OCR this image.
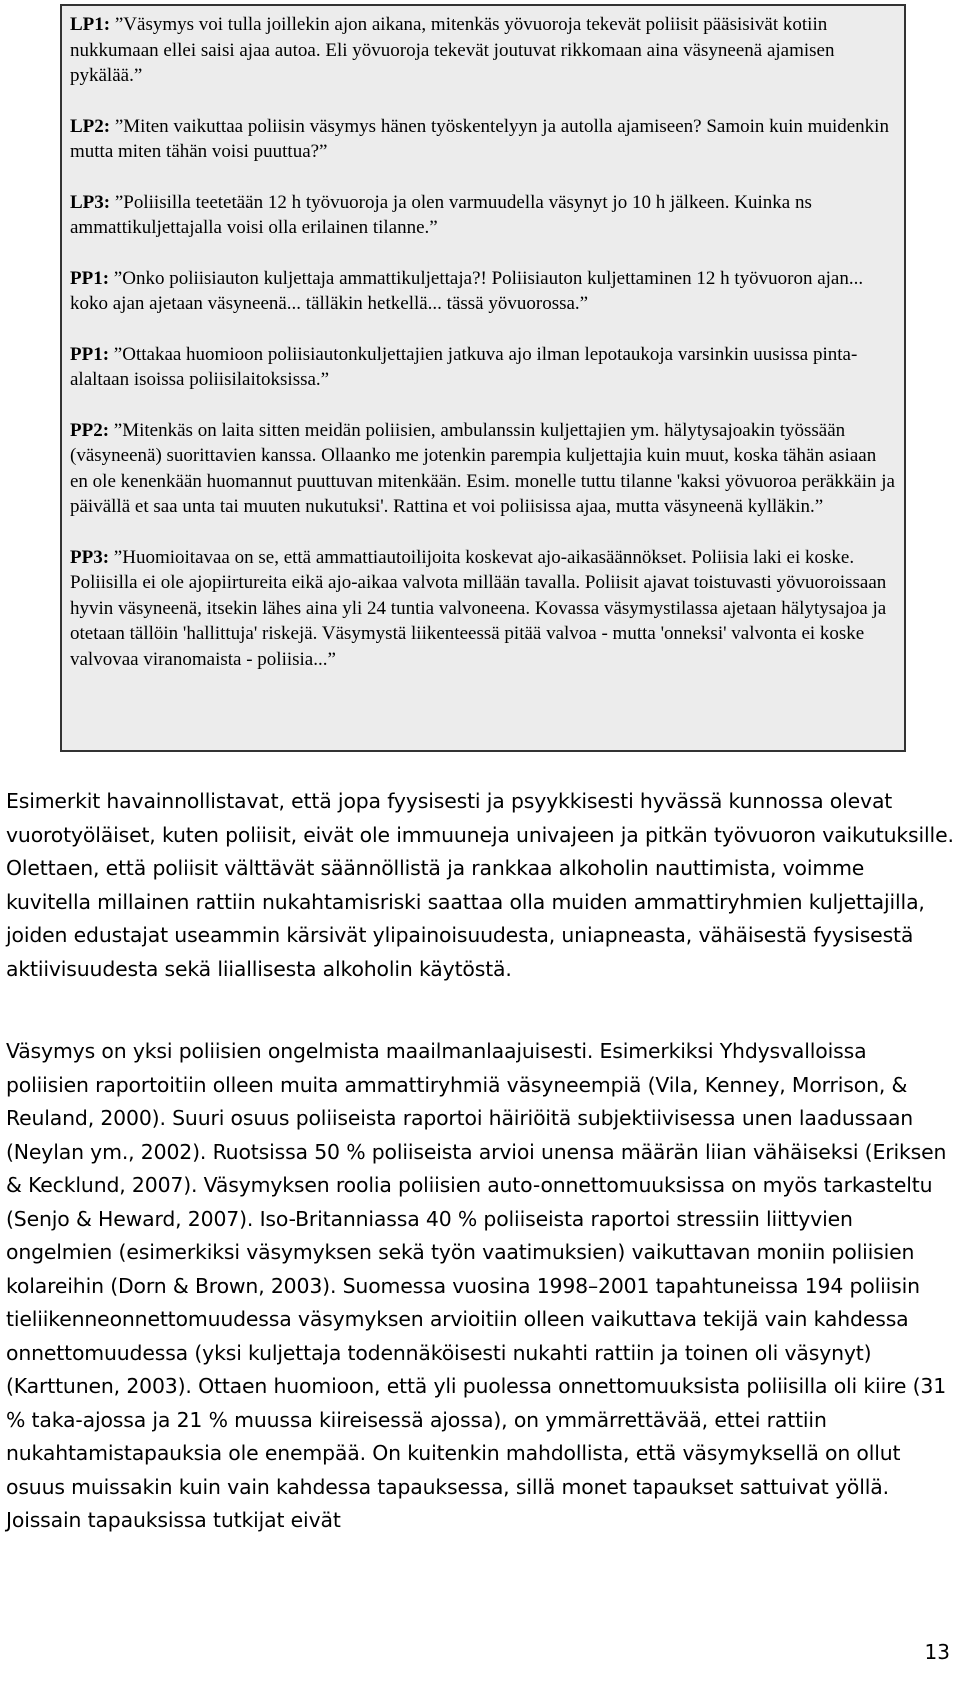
LP1: ”Väsymys voi tulla joillekin ajon aikana, mitenkäs yövuoroja tekevät poliisit pääsisivät kotiin nukkumaan ellei saisi ajaa autoa. Eli yövuoroja tekevät joutuvat rikkomaan aina väsyneenä ajamisen pykälää.”

LP2: ”Miten vaikuttaa poliisin väsymys hänen työskentelyyn ja autolla ajamiseen? Samoin kuin muidenkin mutta miten tähän voisi puuttua?”

LP3: ”Poliisilla teetetään 12 h työvuoroja ja olen varmuudella väsynyt jo 10 h jälkeen. Kuinka ns ammattikuljettajalla voisi olla erilainen tilanne.”

PP1: ”Onko poliisiauton kuljettaja ammattikuljettaja?! Poliisiauton kuljettaminen 12 h työvuoron ajan... koko ajan ajetaan väsyneenä... tälläkin hetkellä... tässä yövuorossa.”

PP1: ”Ottakaa huomioon poliisiautonkuljettajien jatkuva ajo ilman lepotaukoja varsinkin uusissa pinta-alaltaan isoissa poliisilaitoksissa.”

PP2: ”Mitenkäs on laita sitten meidän poliisien, ambulanssin kuljettajien ym. hälytysajoakin työssään (väsyneenä) suorittavien kanssa. Ollaanko me jotenkin parempia kuljettajia kuin muut, koska tähän asiaan en ole kenenkään huomannut puuttuvan mitenkään. Esim. monelle tuttu tilanne 'kaksi yövuoroa peräkkäin ja päivällä et saa unta tai muuten nukutuksi'. Rattina et voi poliisissa ajaa, mutta väsyneenä kylläkin.”

PP3: ”Huomioitavaa on se, että ammattiautoilijoita koskevat ajo-aikasäännökset. Poliisia laki ei koske. Poliisilla ei ole ajopiirtureita eikä ajo-aikaa valvota millään tavalla. Poliisit ajavat toistuvasti yövuoroissaan hyvin väsyneenä, itsekin lähes aina yli 24 tuntia valvoneena. Kovassa väsymystilassa ajetaan hälytysajoa ja otetaan tällöin 'hallittuja' riskejä. Väsymystä liikenteessä pitää valvoa - mutta 'onneksi' valvonta ei koske valvovaa viranomaista - poliisia...”

Esimerkit havainnollistavat, että jopa fyysisesti ja psyykkisesti hyvässä kunnossa olevat vuorotyöläiset, kuten poliisit, eivät ole immuuneja univajeen ja pitkän työvuoron vaikutuksille. Olettaen, että poliisit välttävät säännöllistä ja rankkaa alkoholin nauttimista, voimme kuvitella millainen rattiin nukahtamisriski saattaa olla muiden ammattiryhmien kuljettajilla, joiden edustajat useammin kärsivät ylipainoisuudesta, uniapneasta, vähäisestä fyysisestä aktiivisuudesta sekä liiallisesta alkoholin käytöstä.

Väsymys on yksi poliisien ongelmista maailmanlaajuisesti. Esimerkiksi Yhdysvalloissa poliisien raportoitiin olleen muita ammattiryhmiä väsyneempiä (Vila, Kenney, Morrison, & Reuland, 2000). Suuri osuus poliiseista raportoi häiriöitä subjektiivisessa unen laadussaan (Neylan ym., 2002). Ruotsissa 50 % poliiseista arvioi unensa määrän liian vähäiseksi (Eriksen & Kecklund, 2007). Väsymyksen roolia poliisien auto-onnettomuuksissa on myös tarkasteltu (Senjo & Heward, 2007). Iso-Britanniassa 40 % poliiseista raportoi stressiin liittyvien ongelmien (esimerkiksi väsymyksen sekä työn vaatimuksien) vaikuttavan moniin poliisien kolareihin (Dorn & Brown, 2003). Suomessa vuosina 1998–2001 tapahtuneissa 194 poliisin tieliikenneonnettomuudessa väsymyksen arvioitiin olleen vaikuttava tekijä vain kahdessa onnettomuudessa (yksi kuljettaja todennäköisesti nukahti rattiin ja toinen oli väsynyt) (Karttunen, 2003). Ottaen huomioon, että yli puolessa onnettomuuksista poliisilla oli kiire (31 % taka-ajossa ja 21 % muussa kiireisessä ajossa), on ymmärrettävää, ettei rattiin nukahtamistapauksia ole enempää. On kuitenkin mahdollista, että väsymyksellä on ollut osuus muissakin kuin vain kahdessa tapauksessa, sillä monet tapaukset sattuivat yöllä. Joissain tapauksissa tutkijat eivät

13
